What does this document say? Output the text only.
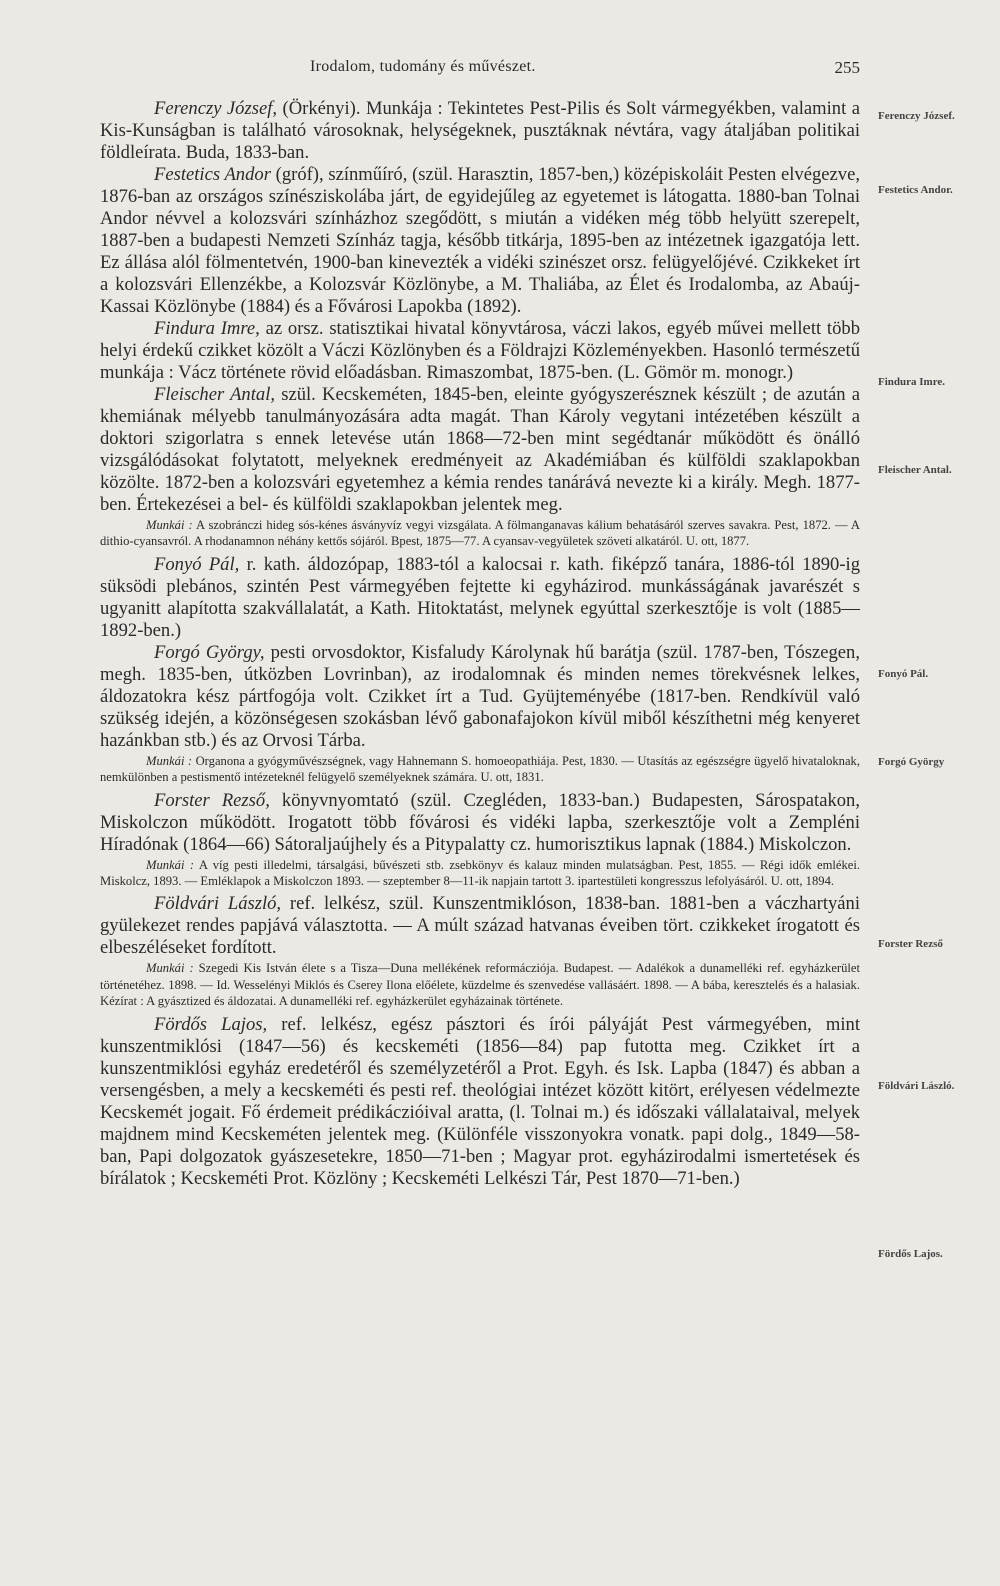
Irodalom, tudomány és művészet.	255

Ferenczy József, (Örkényi). Munkája : Tekintetes Pest-Pilis és Solt vármegyékben, valamint a Kis-Kunságban is található városoknak, helységeknek, pusztáknak névtára, vagy átaljában politikai földleírata. Buda, 1833-ban.

Festetics Andor (gróf), színműíró, (szül. Harasztin, 1857-ben,) középiskoláit Pesten elvégezve, 1876-ban az országos színésziskolába járt, de egyidejűleg az egyetemet is látogatta. 1880-ban Tolnai Andor névvel a kolozsvári színházhoz szegődött, s miután a vidéken még több helyütt szerepelt, 1887-ben a budapesti Nemzeti Színház tagja, később titkárja, 1895-ben az intézetnek igazgatója lett. Ez állása alól fölmentetvén, 1900-ban kinevezték a vidéki szinészet orsz. felügyelőjévé. Czikkeket írt a kolozsvári Ellenzékbe, a Kolozsvár Közlönybe, a M. Thaliába, az Élet és Irodalomba, az Abaúj-Kassai Közlönybe (1884) és a Fővárosi Lapokba (1892).

Findura Imre, az orsz. statisztikai hivatal könyvtárosa, váczi lakos, egyéb művei mellett több helyi érdekű czikket közölt a Váczi Közlönyben és a Földrajzi Közleményekben. Hasonló természetű munkája : Vácz története rövid előadásban. Rimaszombat, 1875-ben. (L. Gömör m. monogr.)

Fleischer Antal, szül. Kecskeméten, 1845-ben, eleinte gyógyszerésznek készült ; de azután a khemiának mélyebb tanulmányozására adta magát. Than Károly vegytani intézetében készült a doktori szigorlatra s ennek letevése után 1868—72-ben mint segédtanár működött és önálló vizsgálódásokat folytatott, melyeknek eredményeit az Akadémiában és külföldi szaklapokban közölte. 1872-ben a kolozsvári egyetemhez a kémia rendes tanárává nevezte ki a király. Megh. 1877-ben. Értekezései a bel- és külföldi szaklapokban jelentek meg.

Munkái : A szobránczi hideg sós-kénes ásványvíz vegyi vizsgálata. A fölmanganavas kálium behatásáról szerves savakra. Pest, 1872. — A dithio-cyansavról. A rhodanamnon néhány kettős sójáról. Bpest, 1875—77. A cyansav-vegyületek szöveti alkatáról. U. ott, 1877.

Fonyó Pál, r. kath. áldozópap, 1883-tól a kalocsai r. kath. fiképző tanára, 1886-tól 1890-ig süksödi plebános, szintén Pest vármegyében fejtette ki egyházirod. munkásságának javarészét s ugyanitt alapította szakvállalatát, a Kath. Hitoktatást, melynek egyúttal szerkesztője is volt (1885—1892-ben.)

Forgó György, pesti orvosdoktor, Kisfaludy Károlynak hű barátja (szül. 1787-ben, Tószegen, megh. 1835-ben, útközben Lovrinban), az irodalomnak és minden nemes törekvésnek lelkes, áldozatokra kész pártfogója volt. Czikket írt a Tud. Gyüjteményébe (1817-ben. Rendkívül való szükség idején, a közönségesen szokásban lévő gabonafajokon kívül miből készíthetni még kenyeret hazánkban stb.) és az Orvosi Tárba.

Munkái : Organona a gyógyművészségnek, vagy Hahnemann S. homoeopathiája. Pest, 1830. — Utasítás az egészségre ügyelő hivataloknak, nemkülönben a pestismentő intézeteknél felügyelő személyeknek számára. U. ott, 1831.

Forster Rezső, könyvnyomtató (szül. Czegléden, 1833-ban.) Budapesten, Sárospatakon, Miskolczon működött. Irogatott több fővárosi és vidéki lapba, szerkesztője volt a Zempléni Híradónak (1864—66) Sátoraljaújhely és a Pitypalatty cz. humorisztikus lapnak (1884.) Miskolczon.

Munkái : A víg pesti illedelmi, társalgási, bűvészeti stb. zsebkönyv és kalauz minden mulatságban. Pest, 1855. — Régi idők emlékei. Miskolcz, 1893. — Emléklapok a Miskolczon 1893. — szeptember 8—11-ik napjain tartott 3. ipartestületi kongresszus lefolyásáról. U. ott, 1894.

Földvári László, ref. lelkész, szül. Kunszentmiklóson, 1838-ban. 1881-ben a váczhartyáni gyülekezet rendes papjává választotta. — A múlt század hatvanas éveiben tört. czikkeket írogatott és elbeszéléseket fordított.

Munkái : Szegedi Kis István élete s a Tisza—Duna mellékének reformácziója. Budapest. — Adalékok a dunamelléki ref. egyházkerület történetéhez. 1898. — Id. Wesselényi Miklós és Cserey Ilona előélete, küzdelme és szenvedése vallásáért. 1898. — A bába, keresztelés és a halasiak. Kézírat : A gyásztized és áldozatai. A dunamelléki ref. egyházkerület egyházainak története.

Fördős Lajos, ref. lelkész, egész pásztori és írói pályáját Pest vármegyében, mint kunszentmiklósi (1847—56) és kecskeméti (1856—84) pap futotta meg. Czikket írt a kunszentmiklósi egyház eredetéről és személyzetéről a Prot. Egyh. és Isk. Lapba (1847) és abban a versengésben, a mely a kecskeméti és pesti ref. theológiai intézet között kitört, erélyesen védelmezte Kecskemét jogait. Fő érdemeit prédikáczióival aratta, (l. Tolnai m.) és időszaki vállalataival, melyek majdnem mind Kecskeméten jelentek meg. (Különféle visszonyokra vonatk. papi dolg., 1849—58-ban, Papi dolgozatok gyászesetekre, 1850—71-ben ; Magyar prot. egyházirodalmi ismertetések és bírálatok ; Kecskeméti Prot. Közlöny ; Kecskeméti Lelkészi Tár, Pest 1870—71-ben.)

Ferenczy József.
Festetics Andor.
Findura Imre.
Fleischer Antal.
Fonyó Pál.
Forgó György
Forster Rezső
Földvári László.
Fördős Lajos.
